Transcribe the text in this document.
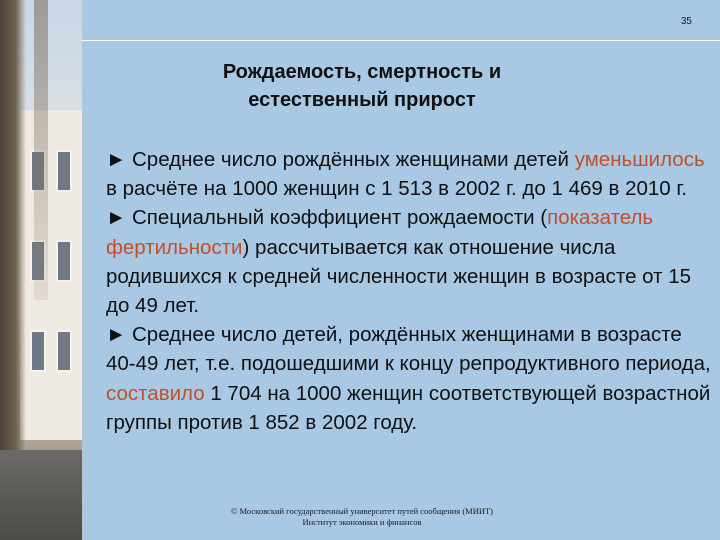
35
Рождаемость, смертность и
естественный прирост
► Среднее число рождённых женщинами детей уменьшилось в расчёте на 1000 женщин с 1 513 в 2002 г. до 1 469 в 2010 г.
► Специальный коэффициент рождаемости (показатель фертильности) рассчитывается как отношение числа родившихся к средней численности женщин в возрасте от 15 до 49 лет.
► Среднее число детей, рождённых женщинами в возрасте 40-49 лет, т.е. подошедшими к концу репродуктивного периода, составило 1 704 на 1000 женщин соответствующей возрастной группы против 1 852 в 2002 году.
© Московский государственный университет путей сообщения (МИИТ)
Институт экономики и финансов
